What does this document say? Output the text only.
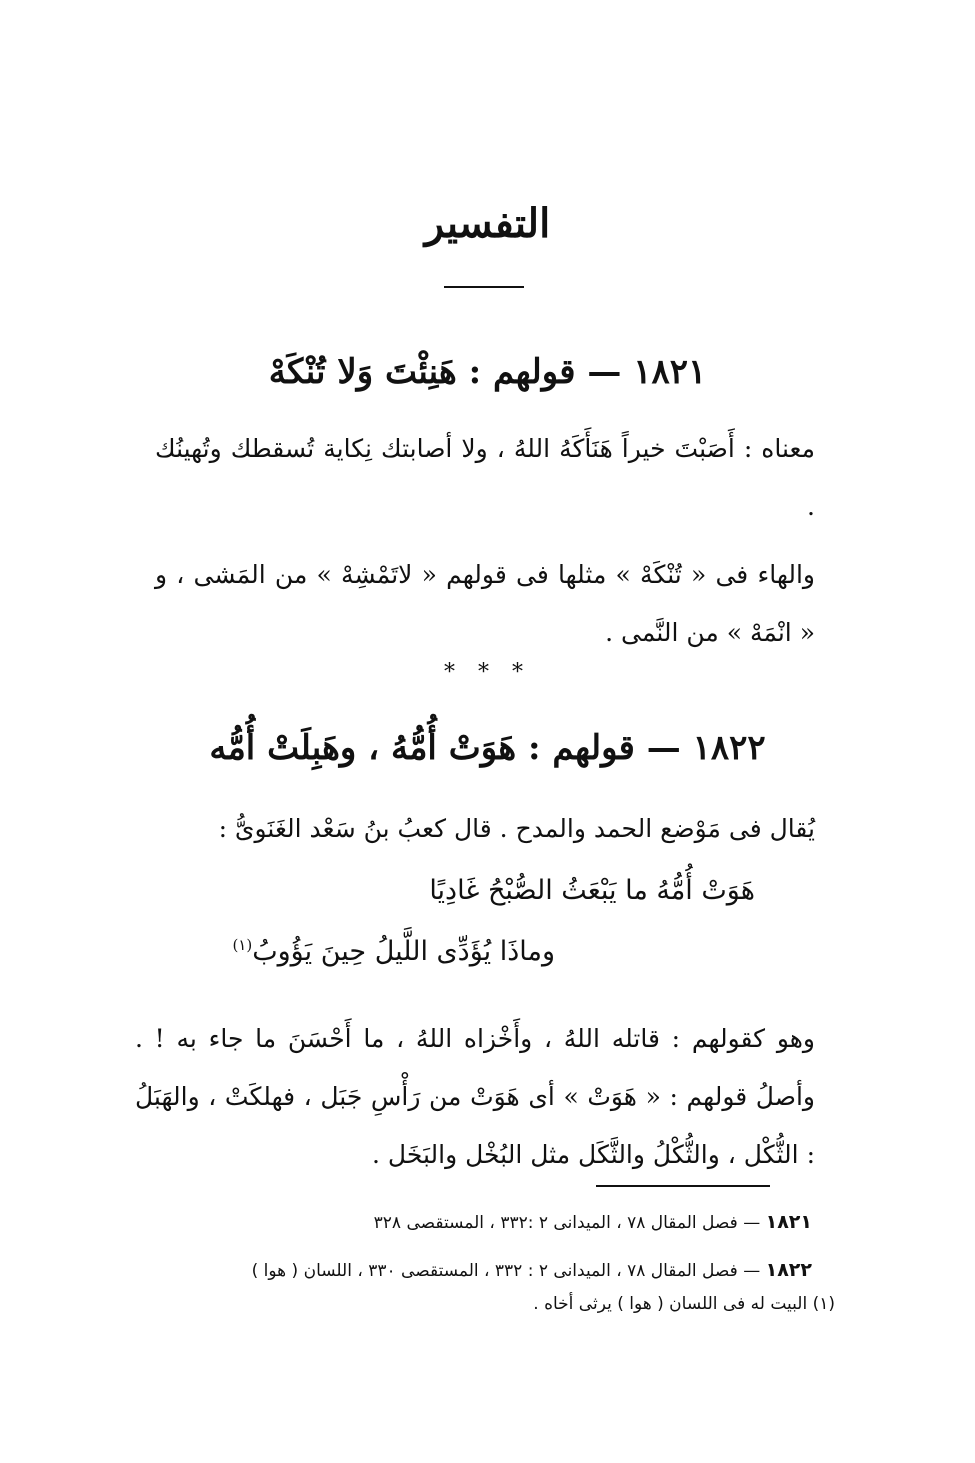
التفسير
١٨٢١ — قولهم : هَنِئْتَ وَلا تُنْكَهْ
معناه : أَصَبْتَ خيراً هَنَأَكَهُ اللهُ ، ولا أصابتك نِكاية تُسقطك وتُهينُك .
والهاء فى « تُنْكَهْ » مثلها فى قولهم « لاتَمْشِهْ » من المَشى ، و « انْمَهْ » من النَّمى .
* * *
١٨٢٢ — قولهم : هَوَتْ أُمُّهُ ، وهَبِلَتْ أُمُّه
يُقال فى مَوْضع الحمد والمدح . قال كعبُ بنُ سَعْد الغَنَوىُّ :
هَوَتْ أُمُّهُ ما يَبْعَثُ الصُّبْحُ غَادِيًا
وماذَا يُؤَدِّى اللَّيلُ حِينَ يَؤُوبُ$^{(١)}$
وهو كقولهم : قاتله اللهُ ، وأَخْزاه اللهُ ، ما أَحْسَنَ ما جاء به ! . وأصلُ قولهم : « هَوَتْ » أى هَوَتْ من رَأْسِ جَبَل ، فهلكَتْ ، والهَبَلُ : الثُّكْل ، والثُّكْلُ والثَّكَل مثل البُخْل والبَخَل .
١٨٢١ — فصل المقال ٧٨ ، الميدانى ٢ :٣٣٢ ، المستقصى ٣٢٨
١٨٢٢ — فصل المقال ٧٨ ، الميدانى ٢ : ٣٣٢ ، المستقصى ٣٣٠ ، اللسان ( هوا )
(١) البيت له فى اللسان ( هوا ) يرثى أخاه .
